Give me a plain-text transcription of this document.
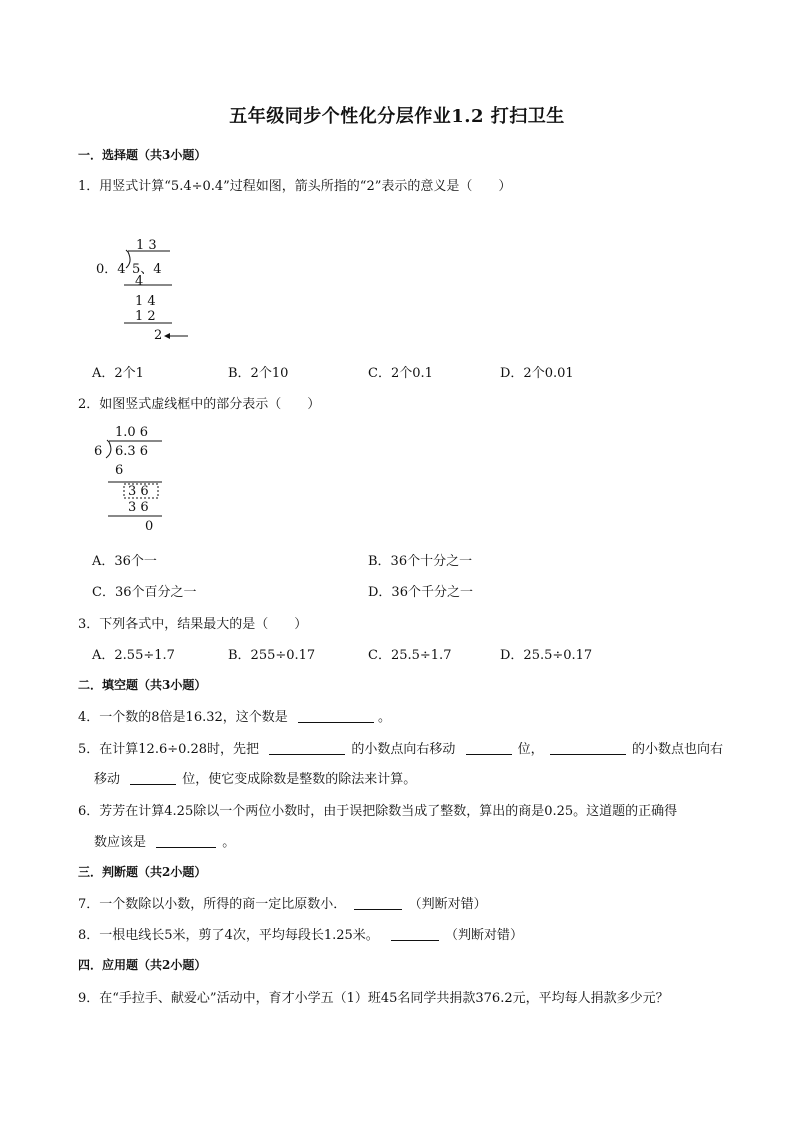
五年级同步个性化分层作业1.2 打扫卫生
一．选择题（共3小题）
1．用竖式计算“5.4÷0.4”过程如图，箭头所指的“2”表示的意义是（　　）
1 3
0．4 5、4
4
1 4
1 2
2
A．2个1	B．2个10	C．2个0.1	D．2个0.01
2．如图竖式虚线框中的部分表示（　　）
1.0 6
6 6.3 6
6
3 6
3 6
0
A．36个一	B．36个十分之一
C．36个百分之一	D．36个千分之一
3．下列各式中，结果最大的是（　　）
A．2.55÷1.7	B．255÷0.17	C．25.5÷1.7	D．25.5÷0.17
二．填空题（共3小题）
4．一个数的8倍是16.32，这个数是	。
5．在计算12.6÷0.28时，先把	的小数点向右移动	位，	的小数点也向右
移动	位，使它变成除数是整数的除法来计算。
6．芳芳在计算4.25除以一个两位小数时，由于误把除数当成了整数，算出的商是0.25。这道题的正确得
数应该是	。
三．判断题（共2小题）
7．一个数除以小数，所得的商一定比原数小．	（判断对错）
8．一根电线长5米，剪了4次，平均每段长1.25米。	（判断对错）
四．应用题（共2小题）
9．在“手拉手、献爱心”活动中，育才小学五（1）班45名同学共捐款376.2元，平均每人捐款多少元？
